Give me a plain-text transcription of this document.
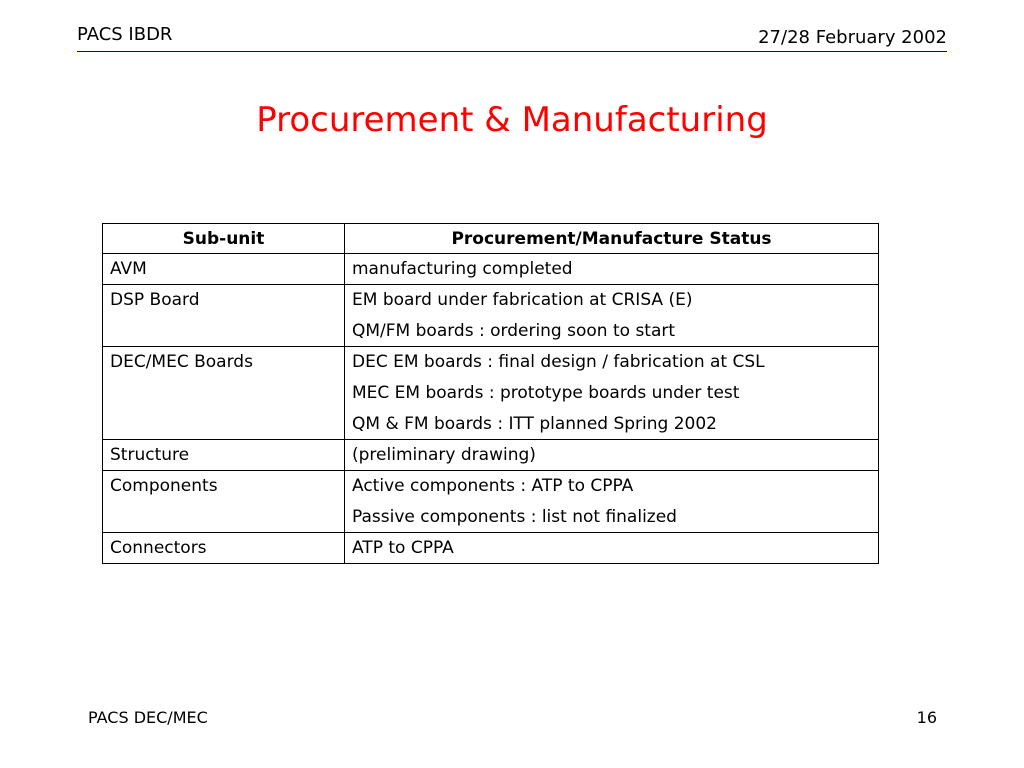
PACS IBDR	27/28 February 2002
Procurement & Manufacturing
Sub-unit	Procurement/Manufacture Status
AVM	manufacturing completed

DSP Board	EM board under fabrication at CRISA (E)
QM/FM boards : ordering soon to start

DEC/MEC Boards	DEC EM boards : final design / fabrication at CSL
MEC EM boards : prototype boards under test
QM & FM boards : ITT planned Spring 2002

Structure	(preliminary drawing)

Components	Active components : ATP to CPPA
Passive components : list not finalized

Connectors	ATP to CPPA
PACS DEC/MEC	16
